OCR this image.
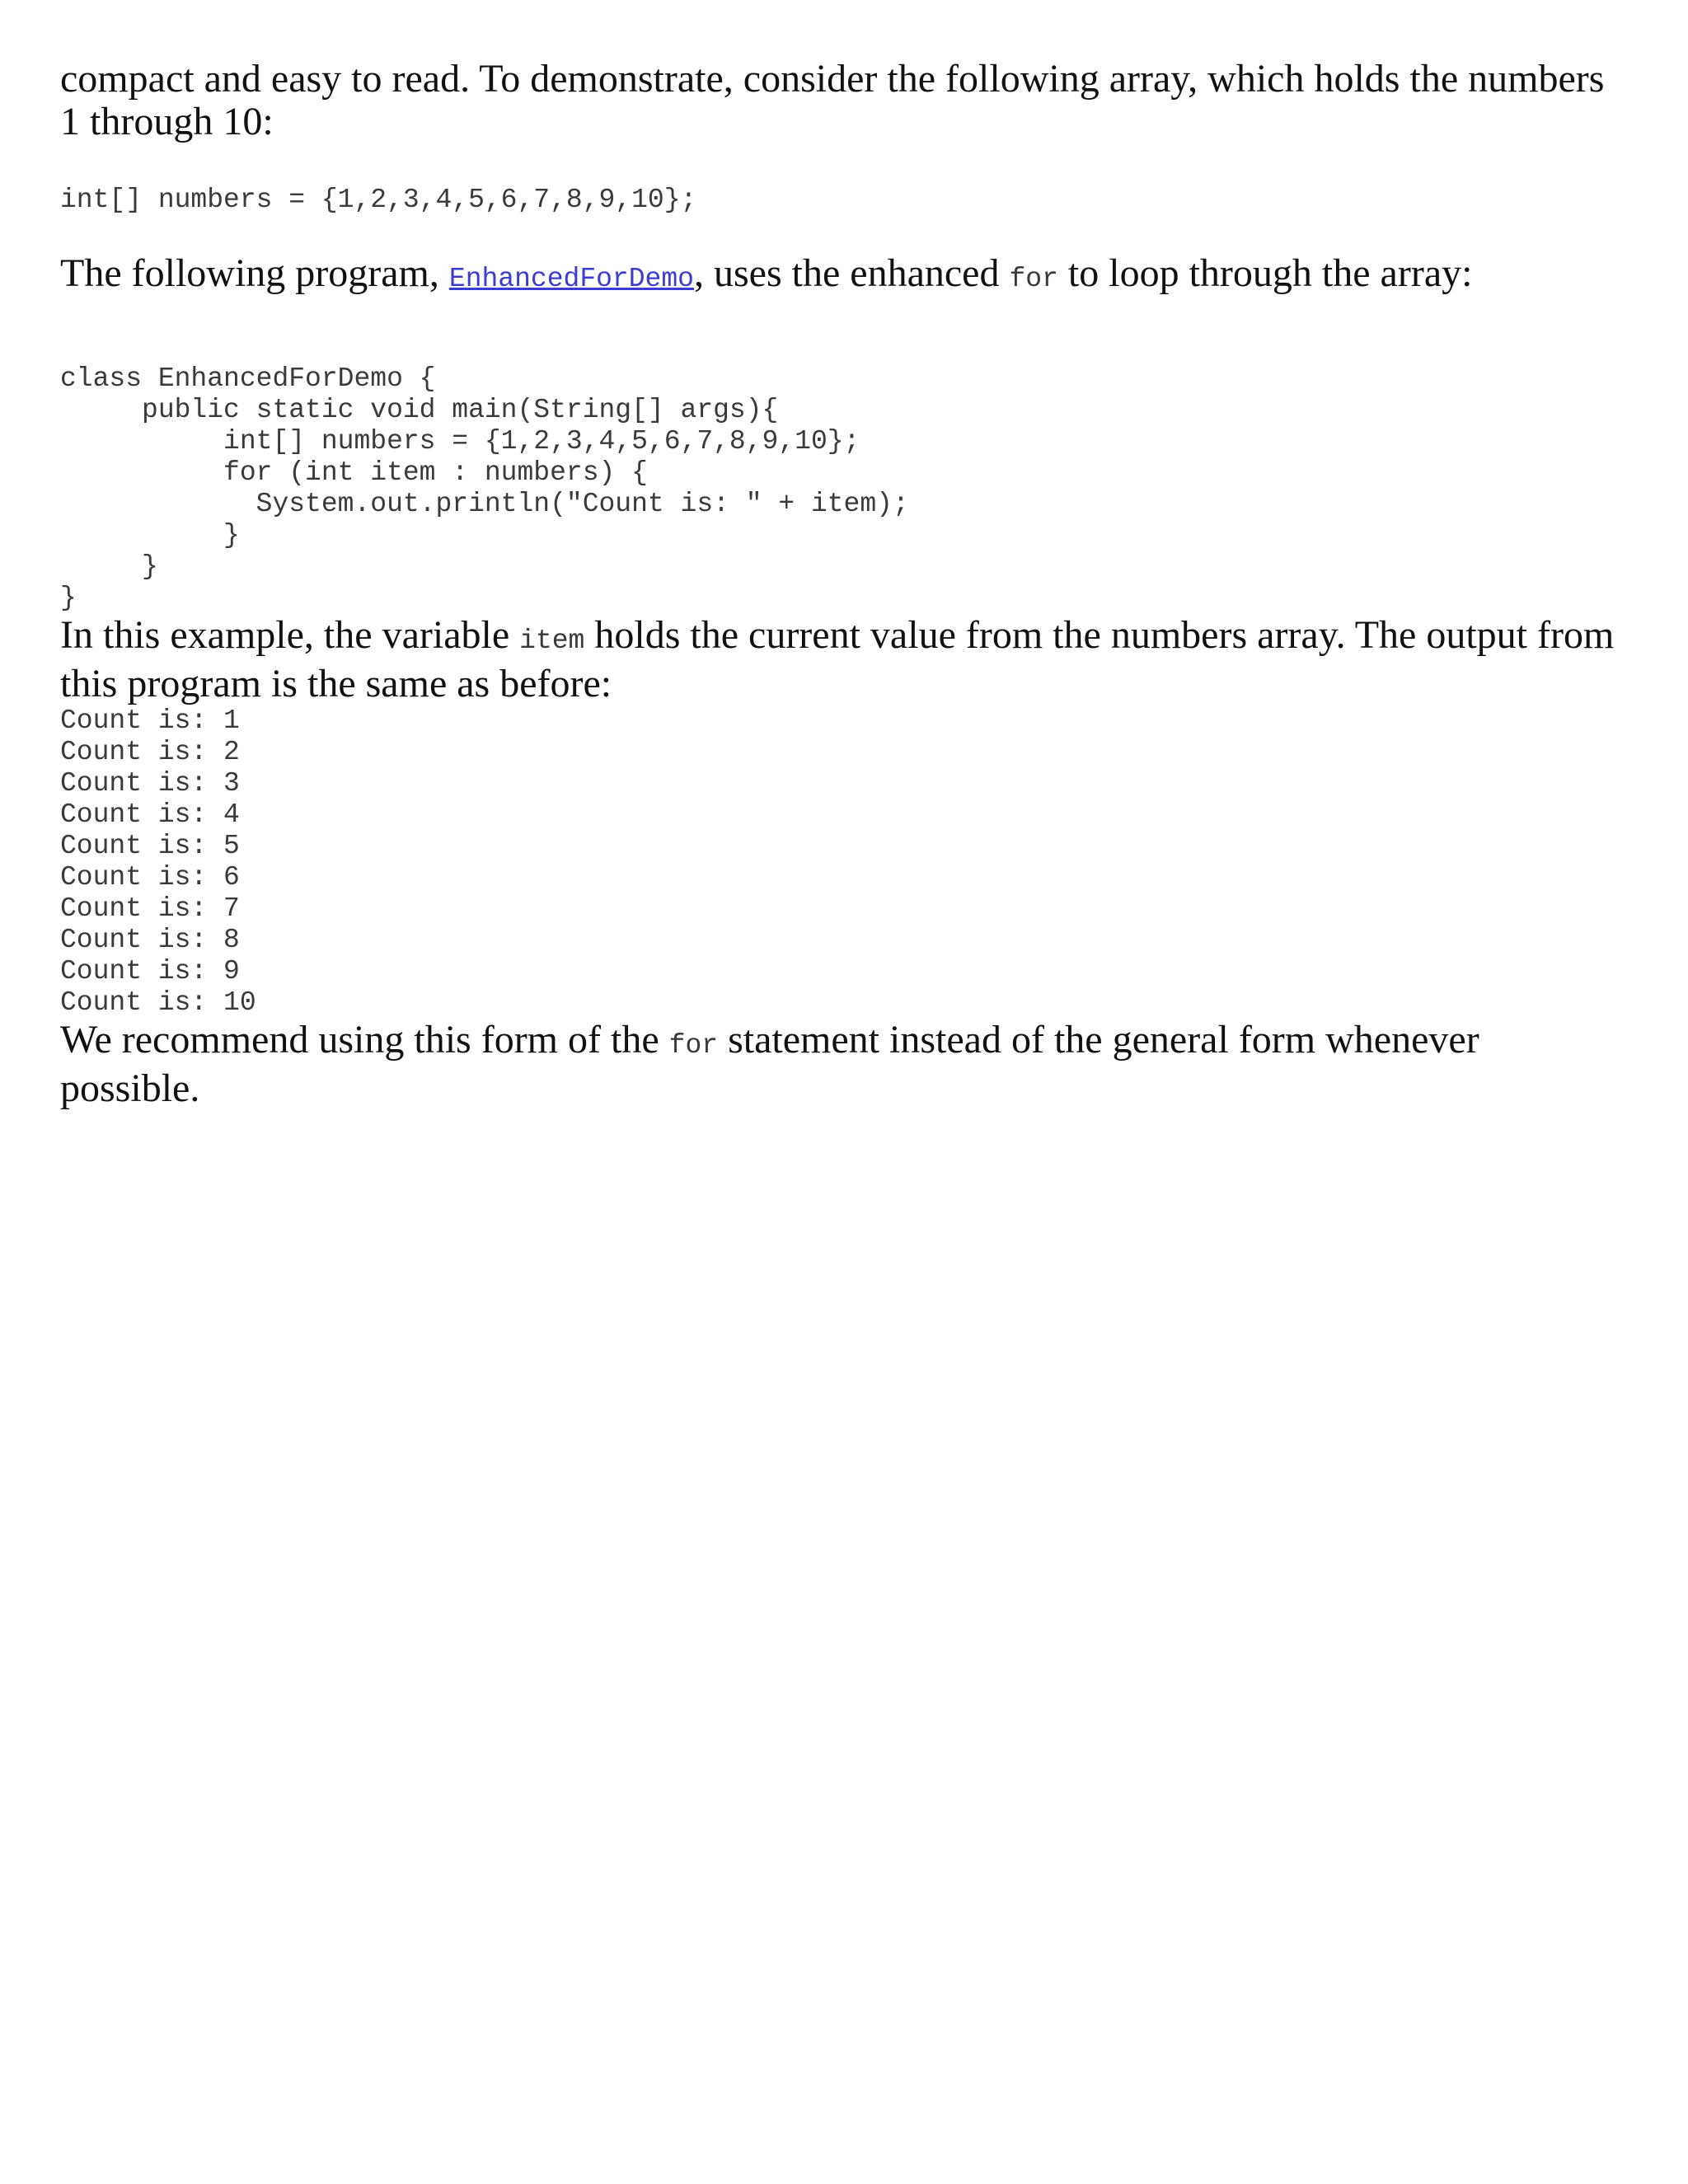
compact and easy to read. To demonstrate, consider the following array, which holds the numbers 1 through 10:

int[] numbers = {1,2,3,4,5,6,7,8,9,10};

The following program, EnhancedForDemo, uses the enhanced for to loop through the array:

class EnhancedForDemo {
public static void main(String[] args){
int[] numbers = {1,2,3,4,5,6,7,8,9,10};
for (int item : numbers) {
System.out.println("Count is: " + item);
}
}
}

In this example, the variable item holds the current value from the numbers array. The output from this program is the same as before:

Count is: 1
Count is: 2
Count is: 3
Count is: 4
Count is: 5
Count is: 6
Count is: 7
Count is: 8
Count is: 9
Count is: 10

We recommend using this form of the for statement instead of the general form whenever possible.
